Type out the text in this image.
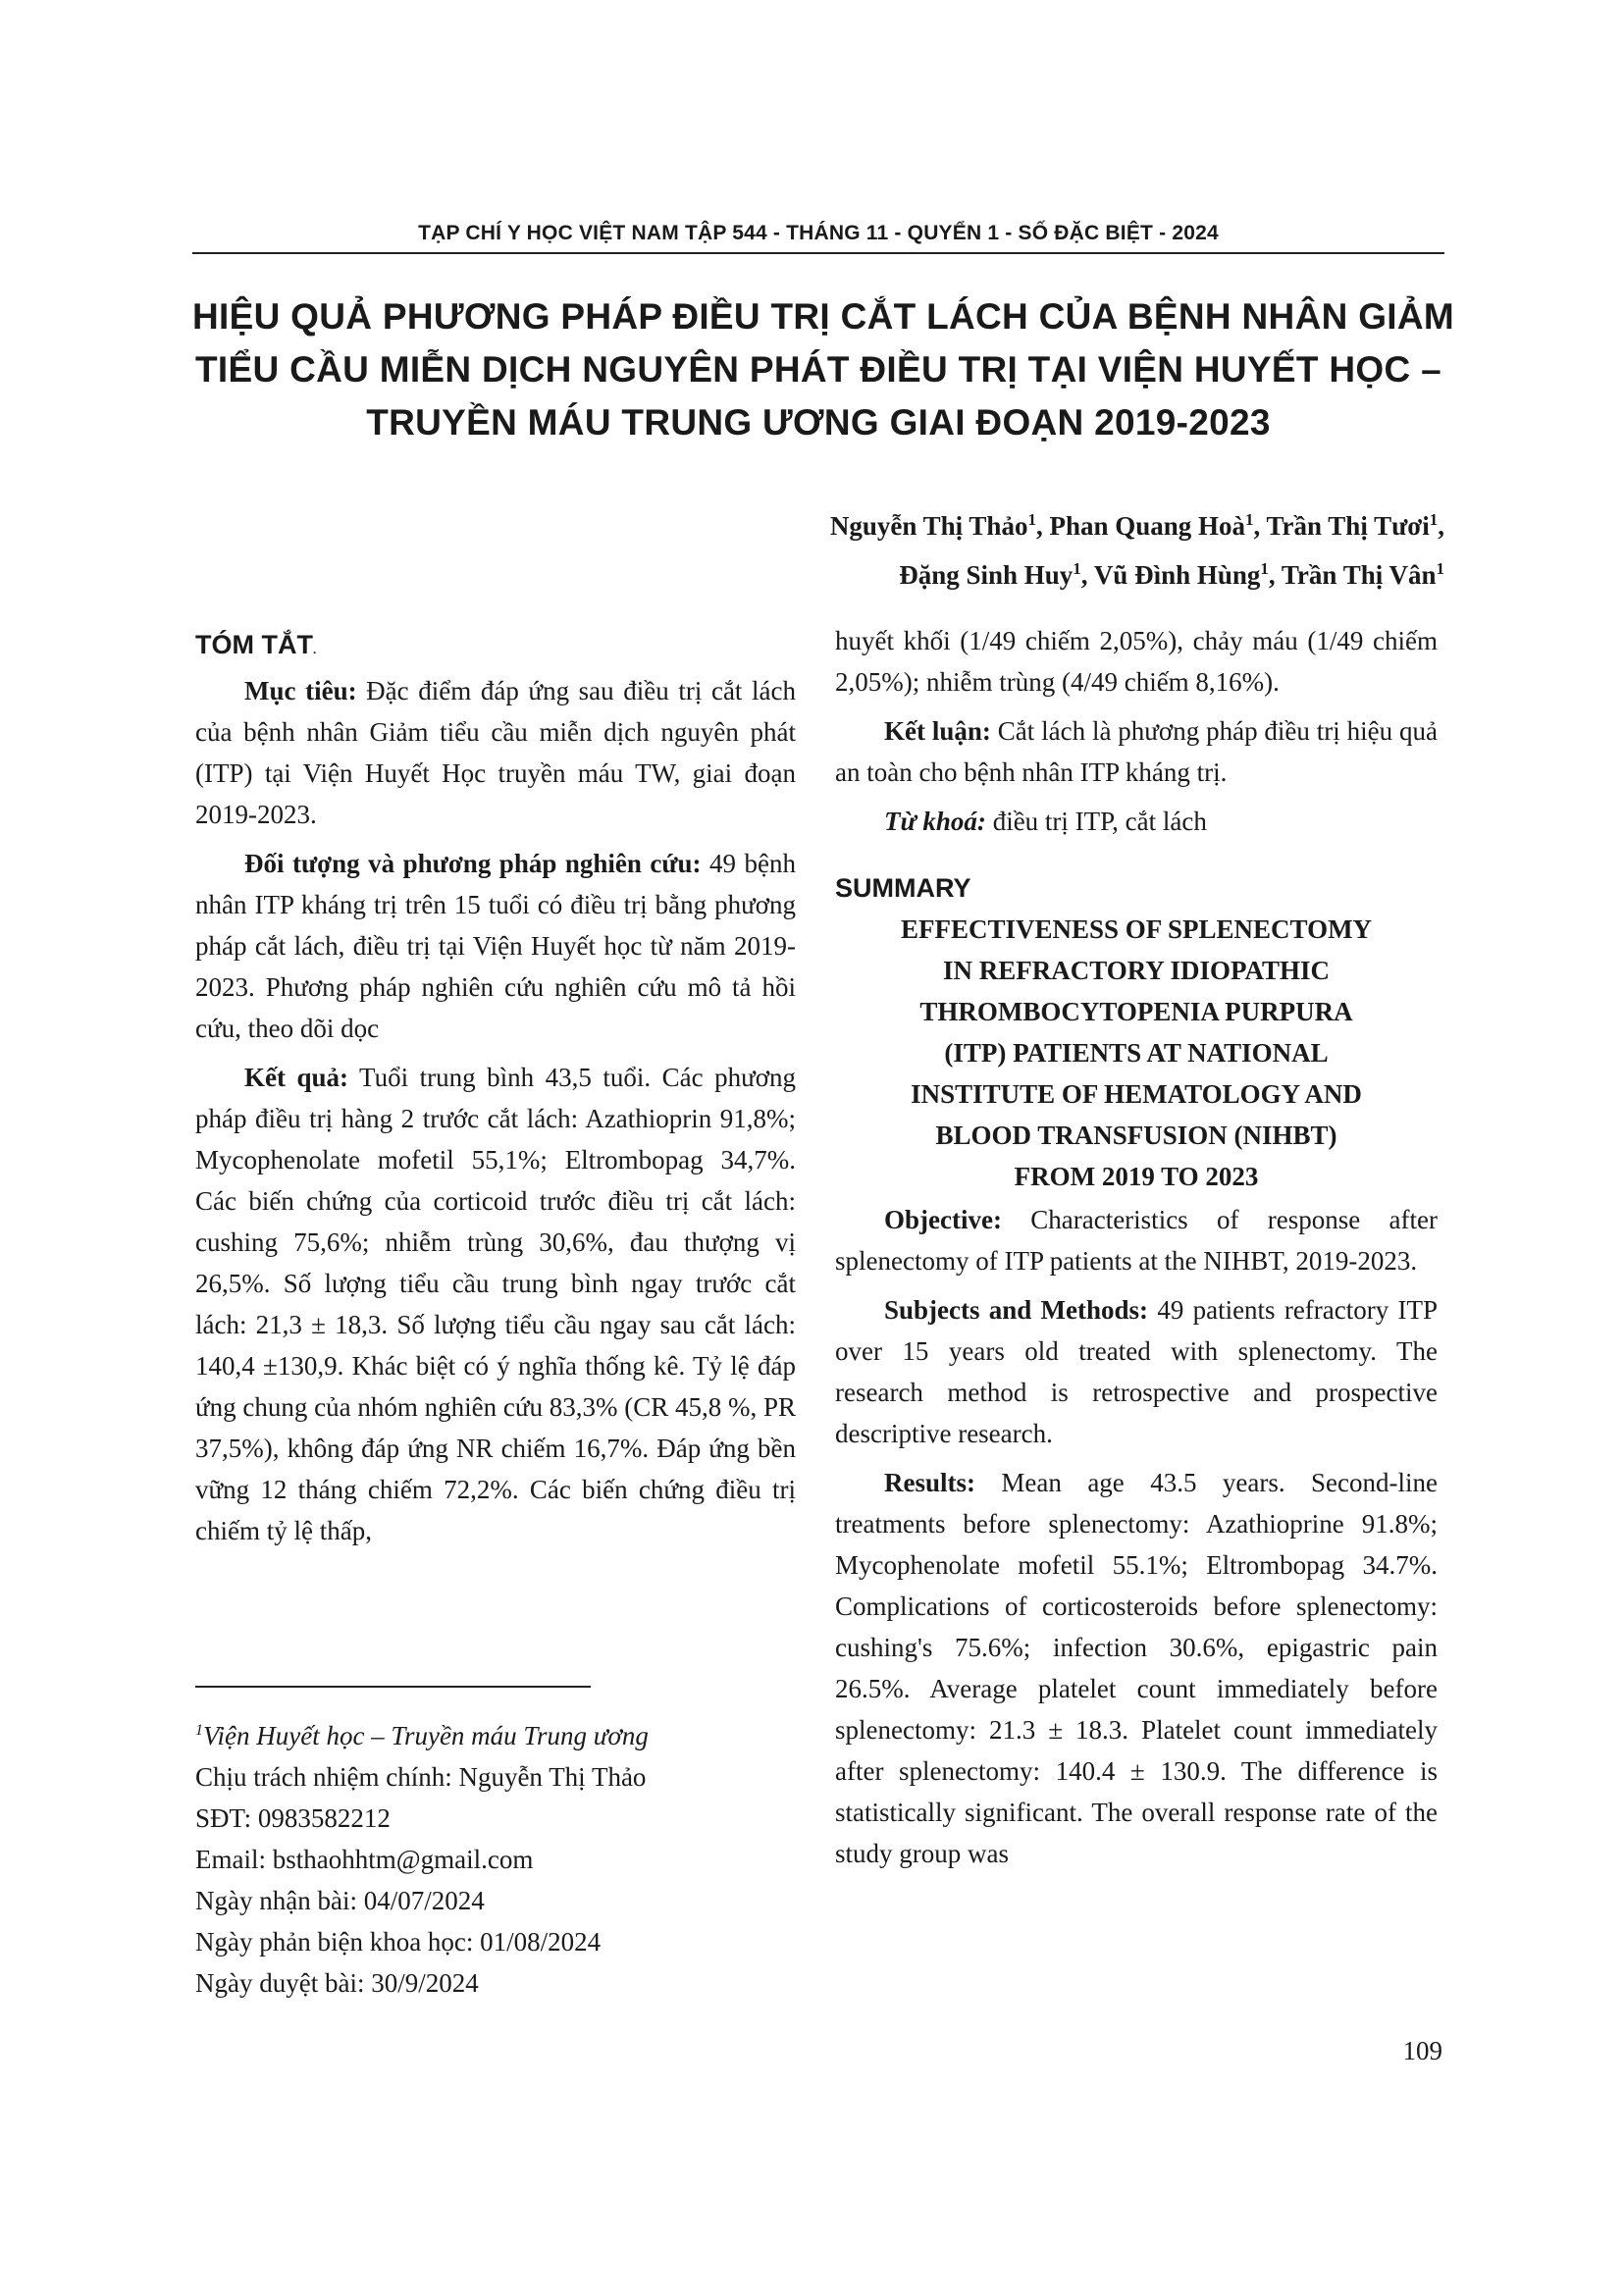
TẠP CHÍ Y HỌC VIỆT NAM TẬP 544 - THÁNG 11 - QUYỂN 1 - SỐ ĐẶC BIỆT - 2024
HIỆU QUẢ PHƯƠNG PHÁP ĐIỀU TRỊ CẮT LÁCH CỦA BỆNH NHÂN GIẢM
TIỂU CẦU MIỄN DỊCH NGUYÊN PHÁT ĐIỀU TRỊ TẠI VIỆN HUYẾT HỌC –
TRUYỀN MÁU TRUNG ƯƠNG GIAI ĐOẠN 2019-2023
Nguyễn Thị Thảo$^1$, Phan Quang Hoà$^1$, Trần Thị Tươi$^1$,
Đặng Sinh Huy$^1$, Vũ Đình Hùng$^1$, Trần Thị Vân$^1$
TÓM TẮT.

Mục tiêu: Đặc điểm đáp ứng sau điều trị cắt lách của bệnh nhân Giảm tiểu cầu miễn dịch nguyên phát (ITP) tại Viện Huyết Học truyền máu TW, giai đoạn 2019-2023.

Đối tượng và phương pháp nghiên cứu: 49 bệnh nhân ITP kháng trị trên 15 tuổi có điều trị bằng phương pháp cắt lách, điều trị tại Viện Huyết học từ năm 2019-2023. Phương pháp nghiên cứu nghiên cứu mô tả hồi cứu, theo dõi dọc

Kết quả: Tuổi trung bình 43,5 tuổi. Các phương pháp điều trị hàng 2 trước cắt lách: Azathioprin 91,8%; Mycophenolate mofetil 55,1%; Eltrombopag 34,7%. Các biến chứng của corticoid trước điều trị cắt lách: cushing 75,6%; nhiễm trùng 30,6%, đau thượng vị 26,5%. Số lượng tiểu cầu trung bình ngay trước cắt lách: 21,3 ± 18,3. Số lượng tiểu cầu ngay sau cắt lách: 140,4 ±130,9. Khác biệt có ý nghĩa thống kê. Tỷ lệ đáp ứng chung của nhóm nghiên cứu 83,3% (CR 45,8 %, PR 37,5%), không đáp ứng NR chiếm 16,7%. Đáp ứng bền vững 12 tháng chiếm 72,2%. Các biến chứng điều trị chiếm tỷ lệ thấp,

$^1$Viện Huyết học – Truyền máu Trung ương
Chịu trách nhiệm chính: Nguyễn Thị Thảo
SĐT: 0983582212
Email: bsthaohhtm@gmail.com
Ngày nhận bài: 04/07/2024
Ngày phản biện khoa học: 01/08/2024
Ngày duyệt bài: 30/9/2024

huyết khối (1/49 chiếm 2,05%), chảy máu (1/49 chiếm 2,05%); nhiễm trùng (4/49 chiếm 8,16%).

Kết luận: Cắt lách là phương pháp điều trị hiệu quả an toàn cho bệnh nhân ITP kháng trị.

Từ khoá: điều trị ITP, cắt lách

SUMMARY
EFFECTIVENESS OF SPLENECTOMY
IN REFRACTORY IDIOPATHIC
THROMBOCYTOPENIA PURPURA
(ITP) PATIENTS AT NATIONAL
INSTITUTE OF HEMATOLOGY AND
BLOOD TRANSFUSION (NIHBT)
FROM 2019 TO 2023

Objective: Characteristics of response after splenectomy of ITP patients at the NIHBT, 2019-2023.

Subjects and Methods: 49 patients refractory ITP over 15 years old treated with splenectomy. The research method is retrospective and prospective descriptive research.

Results: Mean age 43.5 years. Second-line treatments before splenectomy: Azathioprine 91.8%; Mycophenolate mofetil 55.1%; Eltrombopag 34.7%. Complications of corticosteroids before splenectomy: cushing's 75.6%; infection 30.6%, epigastric pain 26.5%. Average platelet count immediately before splenectomy: 21.3 ± 18.3. Platelet count immediately after splenectomy: 140.4 ± 130.9. The difference is statistically significant. The overall response rate of the study group was

109
